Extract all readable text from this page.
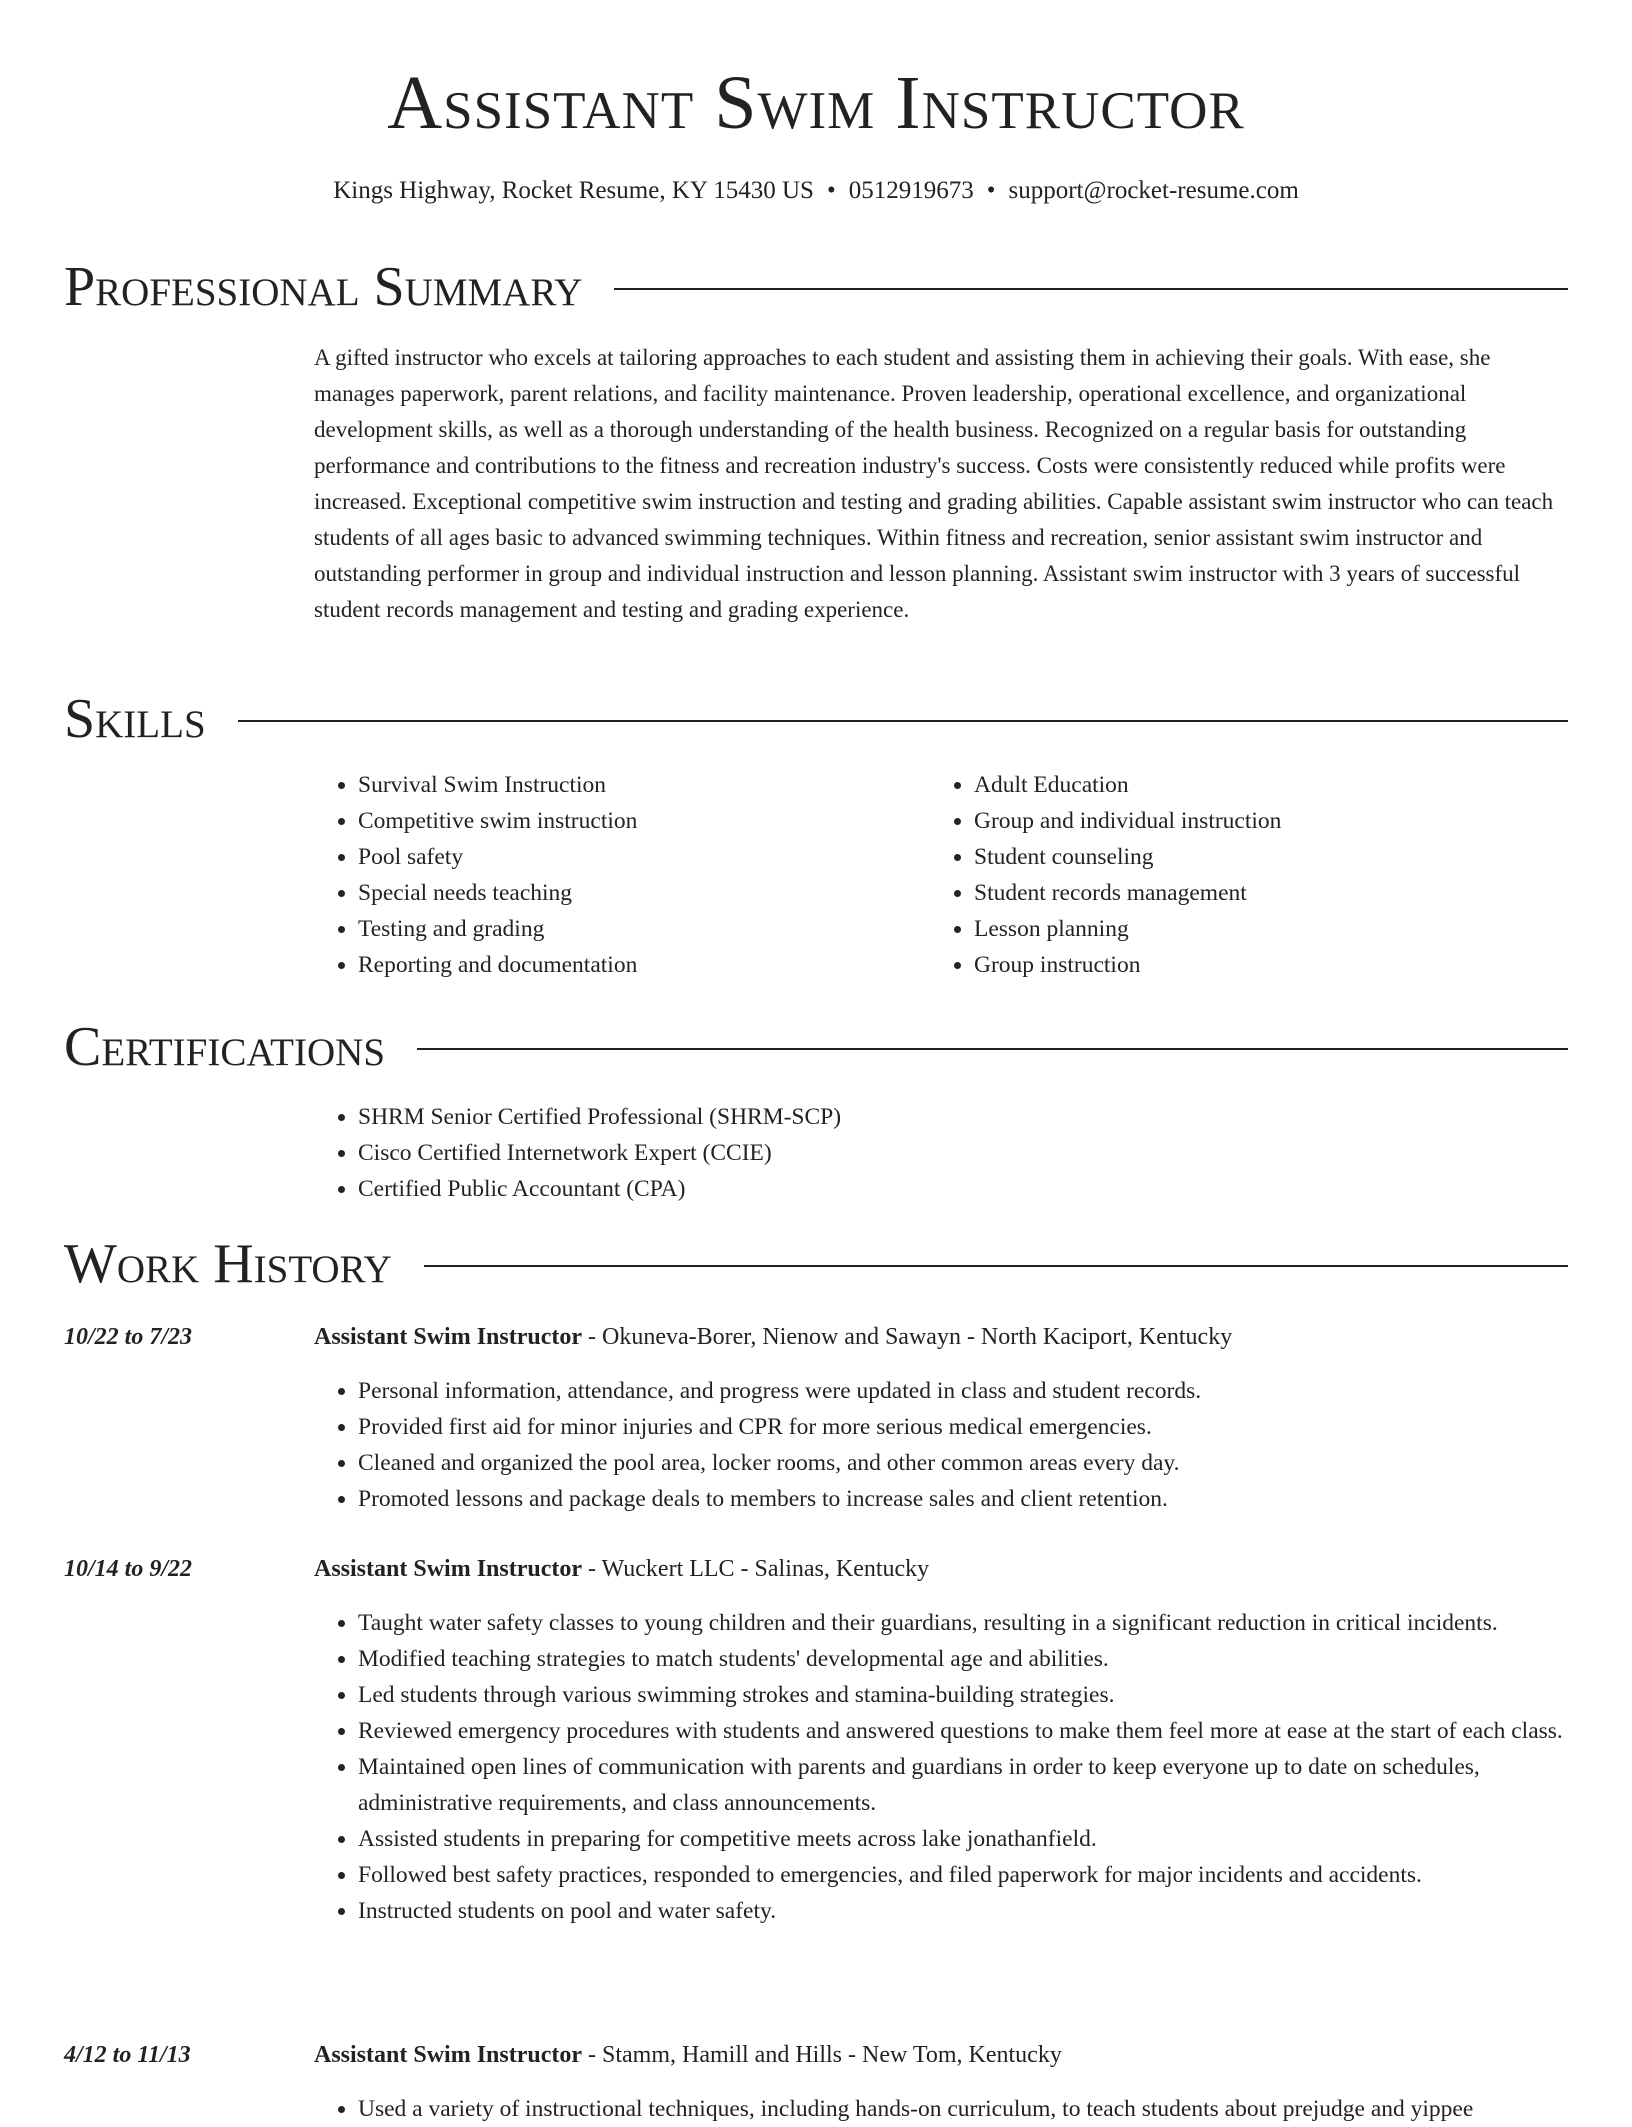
Assistant Swim Instructor
Kings Highway, Rocket Resume, KY 15430 US • 0512919673 • support@rocket-resume.com
Professional Summary

A gifted instructor who excels at tailoring approaches to each student and assisting them in achieving their goals. With ease, she manages paperwork, parent relations, and facility maintenance. Proven leadership, operational excellence, and organizational development skills, as well as a thorough understanding of the health business. Recognized on a regular basis for outstanding performance and contributions to the fitness and recreation industry's success. Costs were consistently reduced while profits were increased. Exceptional competitive swim instruction and testing and grading abilities. Capable assistant swim instructor who can teach students of all ages basic to advanced swimming techniques. Within fitness and recreation, senior assistant swim instructor and outstanding performer in group and individual instruction and lesson planning. Assistant swim instructor with 3 years of successful student records management and testing and grading experience.

Skills
• Survival Swim Instruction
• Competitive swim instruction
• Pool safety
• Special needs teaching
• Testing and grading
• Reporting and documentation
• Adult Education
• Group and individual instruction
• Student counseling
• Student records management
• Lesson planning
• Group instruction
Certifications
• SHRM Senior Certified Professional (SHRM-SCP)
• Cisco Certified Internetwork Expert (CCIE)
• Certified Public Accountant (CPA)
Work History
10/22 to 7/23	Assistant Swim Instructor - Okuneva-Borer, Nienow and Sawayn - North Kaciport, Kentucky
• Personal information, attendance, and progress were updated in class and student records.
• Provided first aid for minor injuries and CPR for more serious medical emergencies.
• Cleaned and organized the pool area, locker rooms, and other common areas every day.
• Promoted lessons and package deals to members to increase sales and client retention.
10/14 to 9/22	Assistant Swim Instructor - Wuckert LLC - Salinas, Kentucky
• Taught water safety classes to young children and their guardians, resulting in a significant reduction in critical incidents.
• Modified teaching strategies to match students' developmental age and abilities.
• Led students through various swimming strokes and stamina-building strategies.
• Reviewed emergency procedures with students and answered questions to make them feel more at ease at the start of each class.
• Maintained open lines of communication with parents and guardians in order to keep everyone up to date on schedules, administrative requirements, and class announcements.
• Assisted students in preparing for competitive meets across lake jonathanfield.
• Followed best safety practices, responded to emergencies, and filed paperwork for major incidents and accidents.
• Instructed students on pool and water safety.
4/12 to 11/13	Assistant Swim Instructor - Stamm, Hamill and Hills - New Tom, Kentucky
• Used a variety of instructional techniques, including hands-on curriculum, to teach students about prejudge and yippee
